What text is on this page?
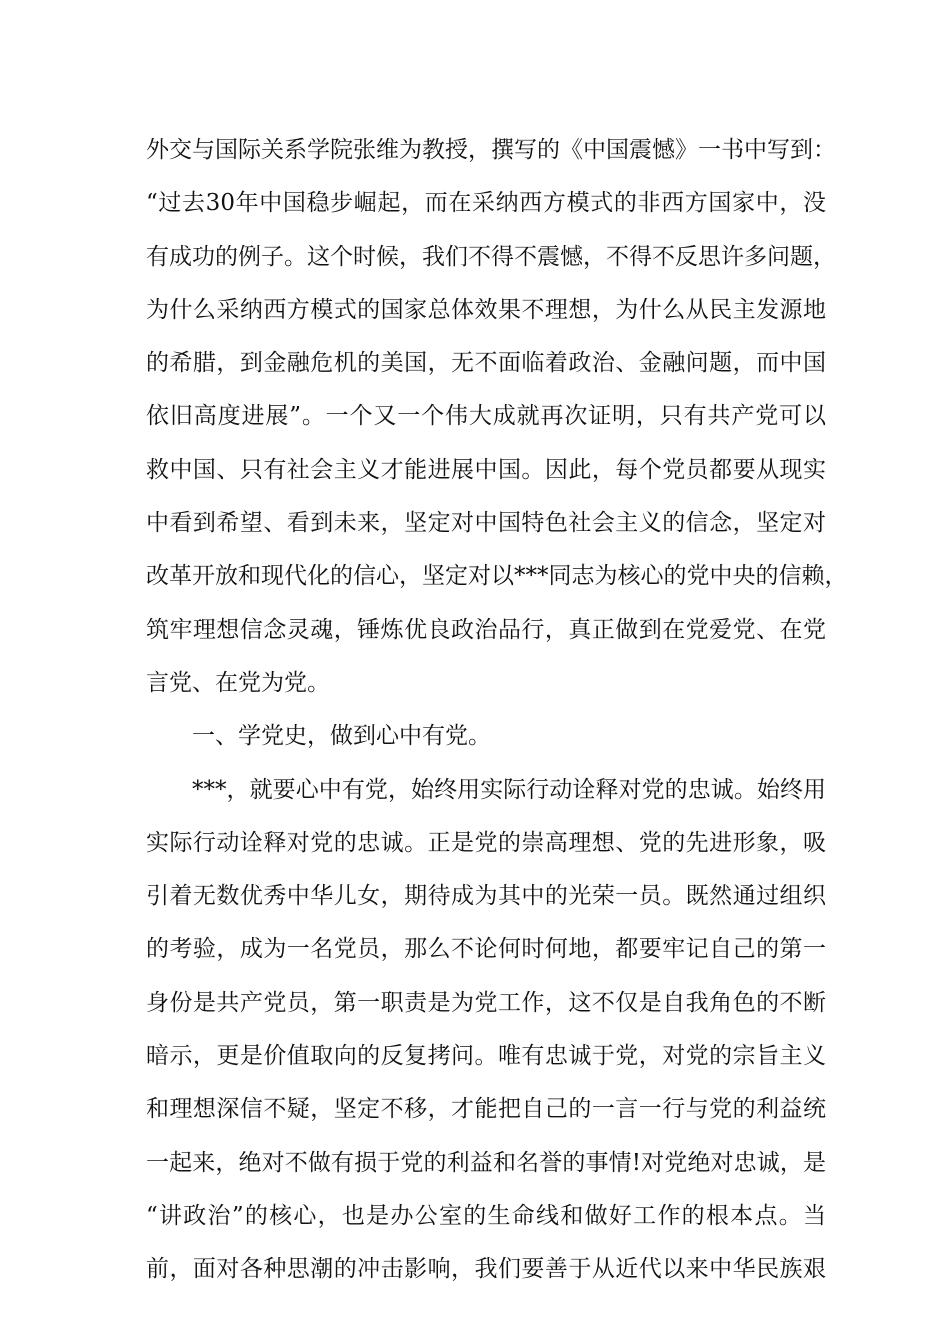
外交与国际关系学院张维为教授，撰写的《中国震憾》一书中写到：
“过去30年中国稳步崛起，而在采纳西方模式的非西方国家中，没
有成功的例子。这个时候，我们不得不震憾，不得不反思许多问题，
为什么采纳西方模式的国家总体效果不理想，为什么从民主发源地
的希腊，到金融危机的美国，无不面临着政治、金融问题，而中国
依旧高度进展”。一个又一个伟大成就再次证明，只有共产党可以
救中国、只有社会主义才能进展中国。因此，每个党员都要从现实
中看到希望、看到未来，坚定对中国特色社会主义的信念，坚定对
改革开放和现代化的信心，坚定对以***同志为核心的党中央的信赖，
筑牢理想信念灵魂，锤炼优良政治品行，真正做到在党爱党、在党
言党、在党为党。
一、学党史，做到心中有党。
***，就要心中有党，始终用实际行动诠释对党的忠诚。始终用
实际行动诠释对党的忠诚。正是党的崇高理想、党的先进形象，吸
引着无数优秀中华儿女，期待成为其中的光荣一员。既然通过组织
的考验，成为一名党员，那么不论何时何地，都要牢记自己的第一
身份是共产党员，第一职责是为党工作，这不仅是自我角色的不断
暗示，更是价值取向的反复拷问。唯有忠诚于党，对党的宗旨主义
和理想深信不疑，坚定不移，才能把自己的一言一行与党的利益统
一起来，绝对不做有损于党的利益和名誉的事情!对党绝对忠诚，是
“讲政治”的核心，也是办公室的生命线和做好工作的根本点。当
前，面对各种思潮的冲击影响，我们要善于从近代以来中华民族艰
